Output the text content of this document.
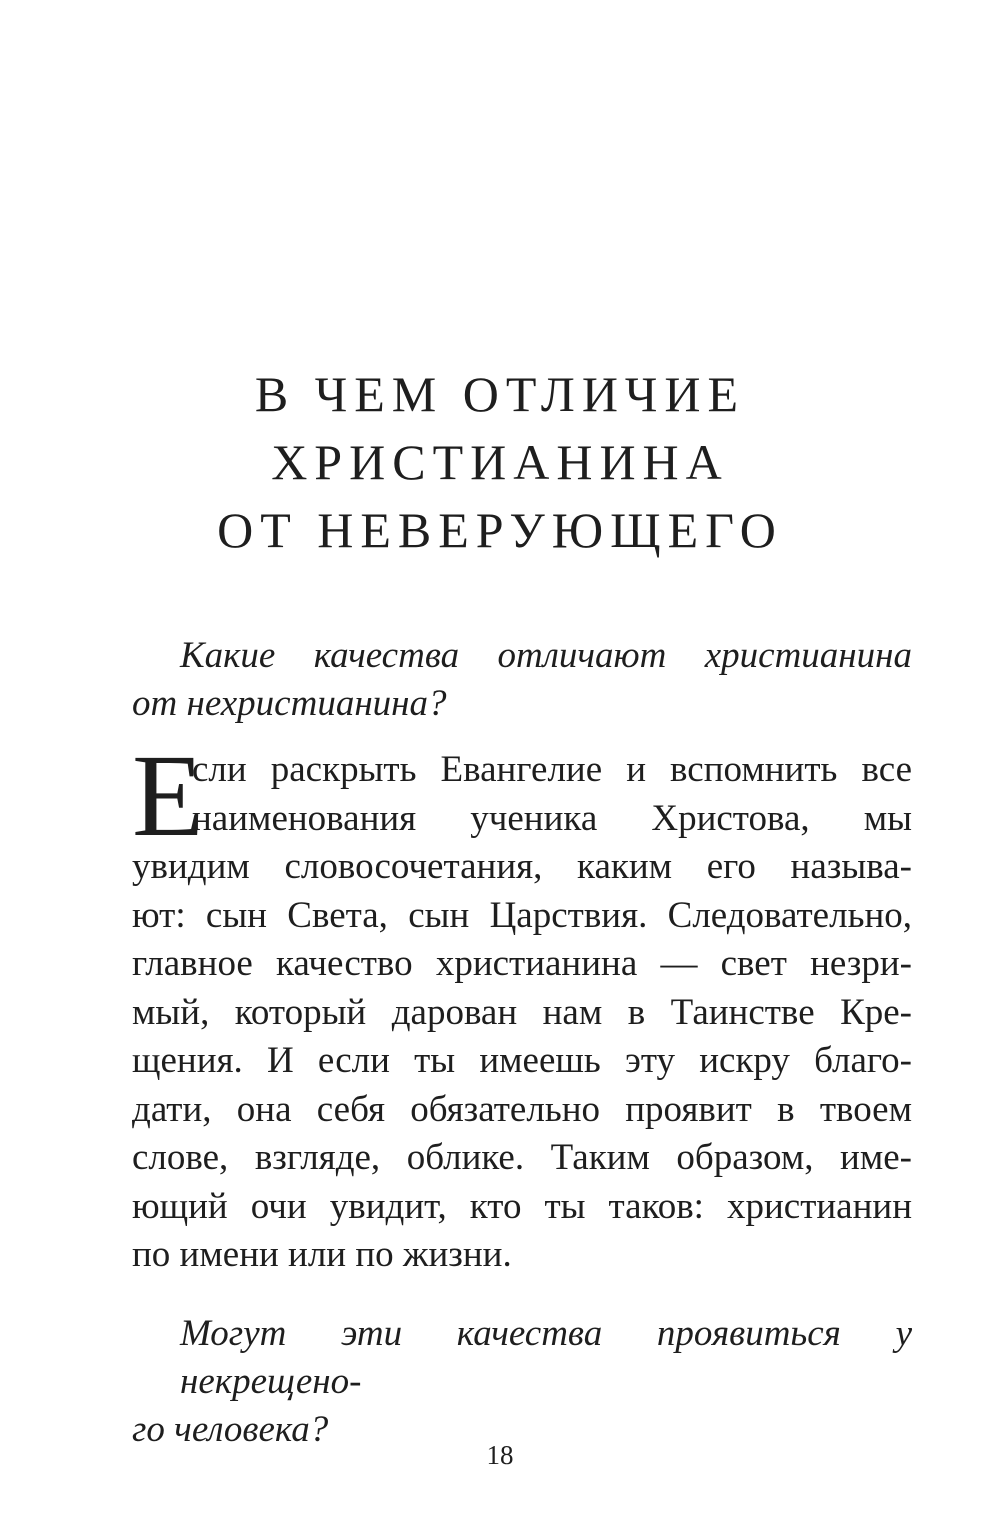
В ЧЕМ ОТЛИЧИЕ
ХРИСТИАНИНА
ОТ НЕВЕРУЮЩЕГО
Какие качества отличают христианина
от нехристианина?
Е
сли раскрыть Евангелие и вспомнить все
наименования ученика Христова, мы
увидим словосочетания, каким его называ-
ют: сын Света, сын Царствия. Следовательно,
главное качество христианина — свет незри-
мый, который дарован нам в Таинстве Кре-
щения. И если ты имеешь эту искру благо-
дати, она себя обязательно проявит в твоем
слове, взгляде, облике. Таким образом, име-
ющий очи увидит, кто ты таков: христианин
по имени или по жизни.
Могут эти качества проявиться у некрещено-
го человека?
18
